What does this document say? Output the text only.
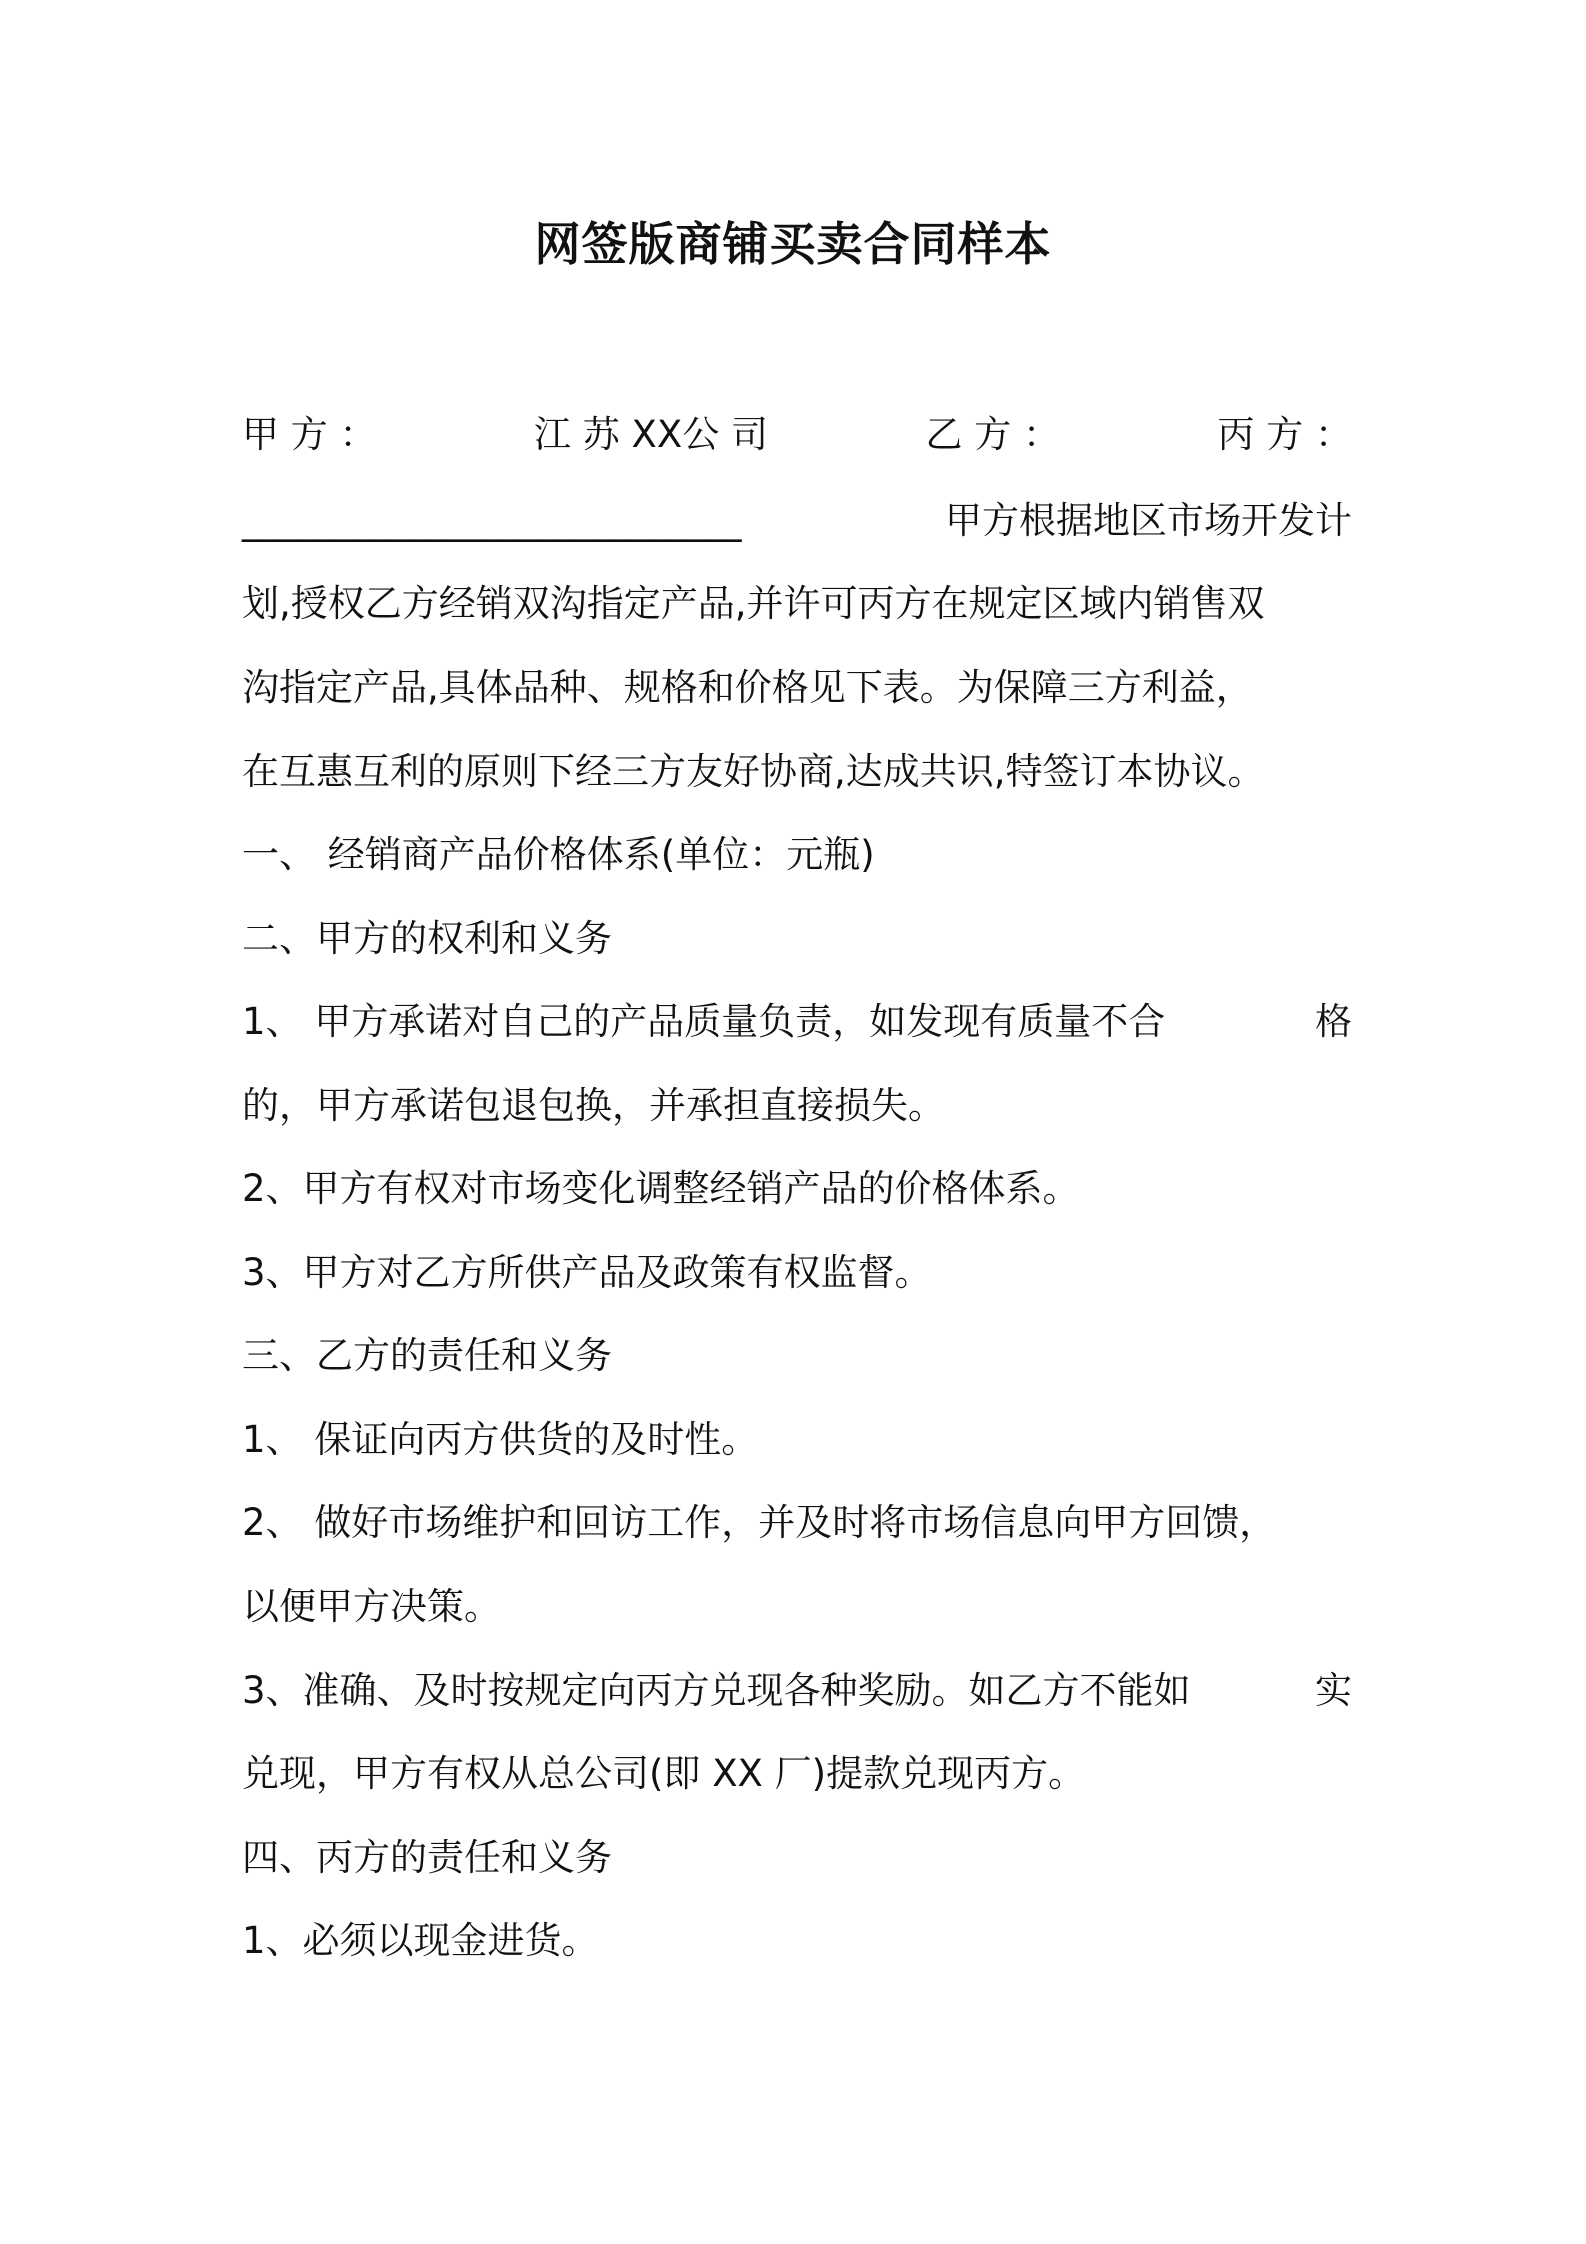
网签版商铺买卖合同样本
甲 方 ：	江 苏 XX公 司	乙 方 ：	丙 方 ：
___________________________	甲方根据地区市场开发计
划,授权乙方经销双沟指定产品,并许可丙方在规定区域内销售双
沟指定产品,具体品种、规格和价格见下表。为保障三方利益，
在互惠互利的原则下经三方友好协商,达成共识,特签订本协议。
一、 经销商产品价格体系(单位：元瓶)
二、甲方的权利和义务
1、 甲方承诺对自己的产品质量负责，如发现有质量不合	格
的，甲方承诺包退包换，并承担直接损失。
2、甲方有权对市场变化调整经销产品的价格体系。
3、甲方对乙方所供产品及政策有权监督。
三、乙方的责任和义务
1、 保证向丙方供货的及时性。
2、 做好市场维护和回访工作，并及时将市场信息向甲方回馈，
以便甲方决策。
3、准确、及时按规定向丙方兑现各种奖励。如乙方不能如	实
兑现，甲方有权从总公司(即 XX 厂)提款兑现丙方。
四、丙方的责任和义务
1、必须以现金进货。
